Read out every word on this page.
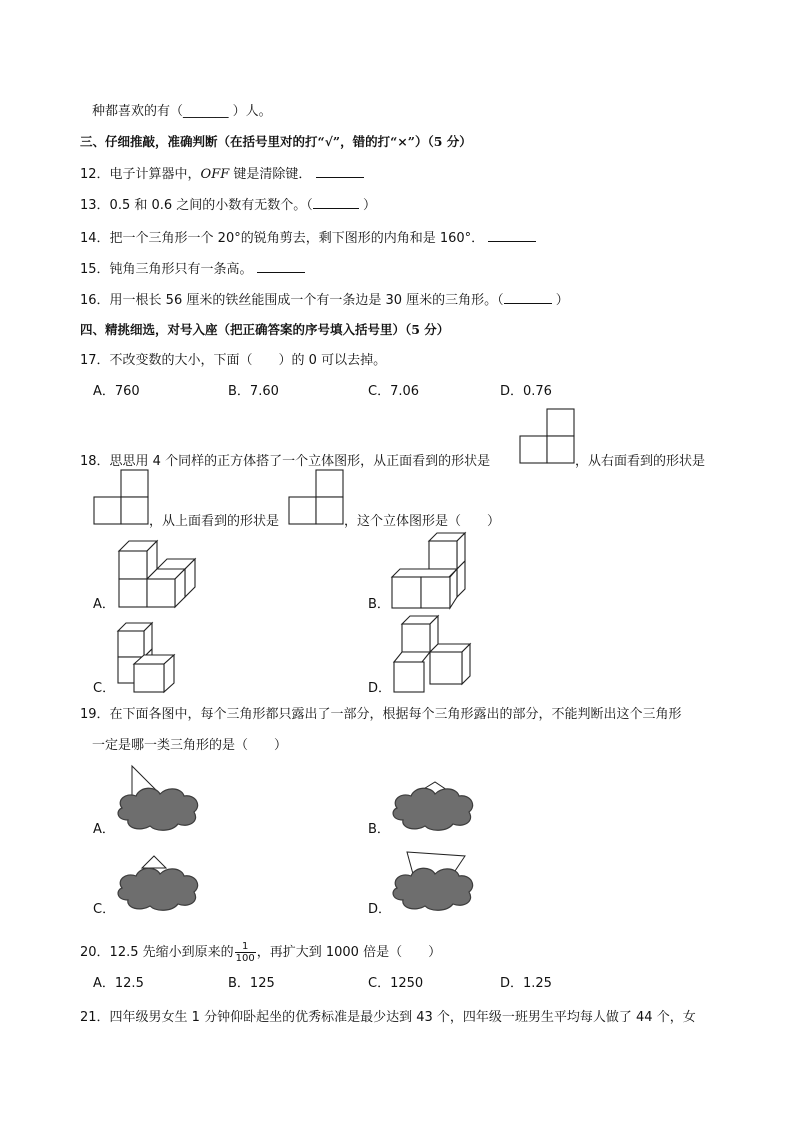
种都喜欢的有（_______ ）人。
三、仔细推敲，准确判断（在括号里对的打“√”，错的打“×”）（5 分）
12．电子计算器中，OFF 键是清除键．
13．0.5 和 0.6 之间的小数有无数个。（	）
14．把一个三角形一个 20°的锐角剪去，剩下图形的内角和是 160°．
15．钝角三角形只有一条高。
16．用一根长 56 厘米的铁丝能围成一个有一条边是 30 厘米的三角形。（	）
四、精挑细选，对号入座（把正确答案的序号填入括号里）（5 分）
17．不改变数的大小，下面（　　）的 0 可以去掉。
A．760	B．7.60	C．7.06	D．0.76
18．思思用 4 个同样的正方体搭了一个立体图形，从正面看到的形状是	，从右面看到的形状是
，从上面看到的形状是	，这个立体图形是（　　）
A．	B．
C．	D．
19．在下面各图中，每个三角形都只露出了一部分，根据每个三角形露出的部分，不能判断出这个三角形
一定是哪一类三角形的是（　　）
A．	B．
C．	D．
20．12.5 先缩小到原来的 $\frac{1}{100}$ ，再扩大到 1000 倍是（　　）
A．12.5	B．125	C．1250	D．1.25
21．四年级男女生 1 分钟仰卧起坐的优秀标准是最少达到 43 个，四年级一班男生平均每人做了 44 个，女
